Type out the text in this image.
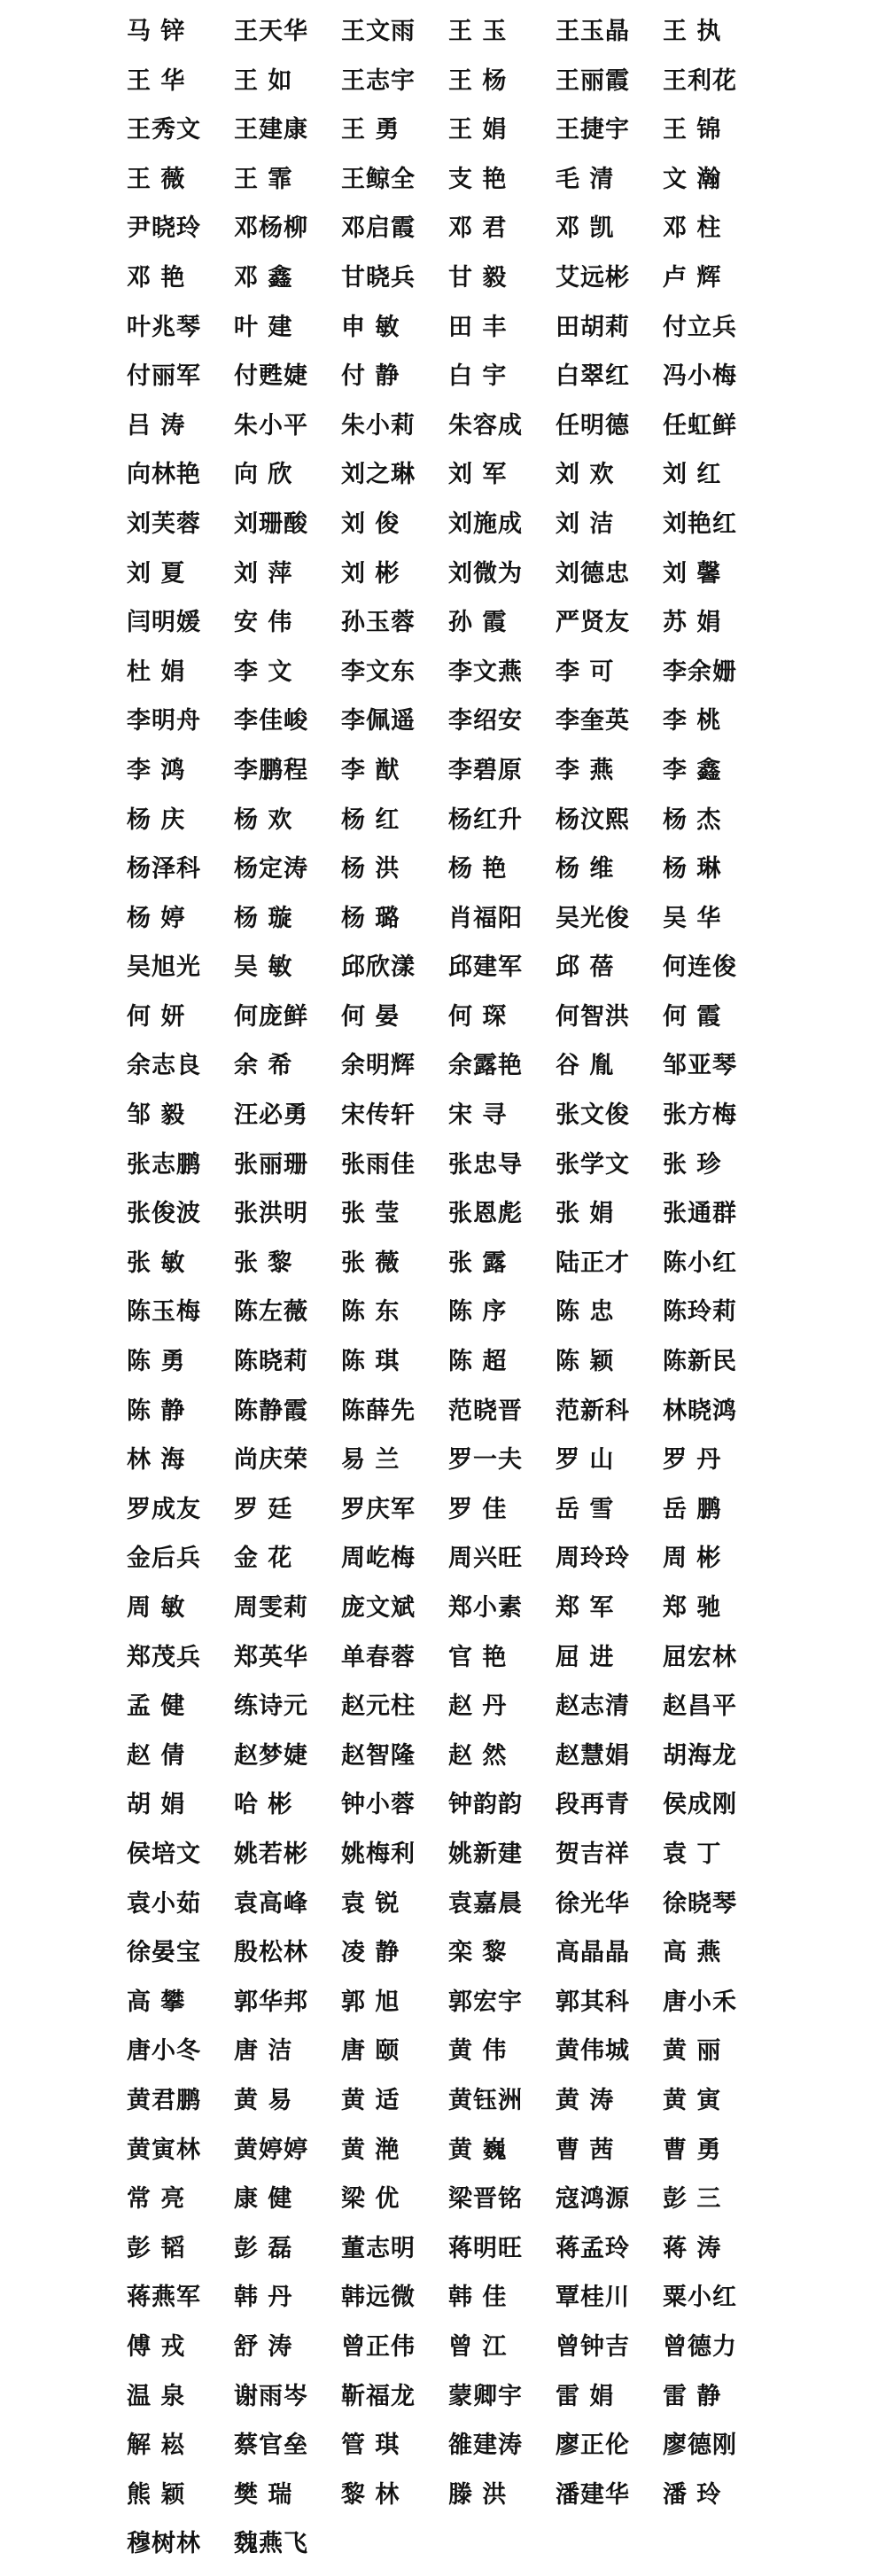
马 锌	王天华	王文雨	王 玉	王玉晶	王 执
王 华	王 如	王志宇	王 杨	王丽霞	王利花
王秀文	王建康	王 勇	王 娟	王捷宇	王 锦
王 薇	王 霏	王鲸全	支 艳	毛 清	文 瀚
尹晓玲	邓杨柳	邓启霞	邓 君	邓 凯	邓 柱
邓 艳	邓 鑫	甘晓兵	甘 毅	艾远彬	卢 辉
叶兆琴	叶 建	申 敏	田 丰	田胡莉	付立兵
付丽军	付甦婕	付 静	白 宇	白翠红	冯小梅
吕 涛	朱小平	朱小莉	朱容成	任明德	任虹鲜
向林艳	向 欣	刘之琳	刘 军	刘 欢	刘 红
刘芙蓉	刘珊酸	刘 俊	刘施成	刘 洁	刘艳红
刘 夏	刘 萍	刘 彬	刘微为	刘德忠	刘 馨
闫明媛	安 伟	孙玉蓉	孙 霞	严贤友	苏 娟
杜 娟	李 文	李文东	李文燕	李 可	李余姗
李明舟	李佳峻	李佩遥	李绍安	李奎英	李 桃
李 鸿	李鹏程	李 猷	李碧原	李 燕	李 鑫
杨 庆	杨 欢	杨 红	杨红升	杨汶熙	杨 杰
杨泽科	杨定涛	杨 洪	杨 艳	杨 维	杨 琳
杨 婷	杨 璇	杨 璐	肖福阳	吴光俊	吴 华
吴旭光	吴 敏	邱欣漾	邱建军	邱 蓓	何连俊
何 妍	何庞鲜	何 晏	何 琛	何智洪	何 霞
余志良	余 希	余明辉	余露艳	谷 胤	邹亚琴
邹 毅	汪必勇	宋传轩	宋 寻	张文俊	张方梅
张志鹏	张丽珊	张雨佳	张忠导	张学文	张 珍
张俊波	张洪明	张 莹	张恩彪	张 娟	张通群
张 敏	张 黎	张 薇	张 露	陆正才	陈小红
陈玉梅	陈左薇	陈 东	陈 序	陈 忠	陈玲莉
陈 勇	陈晓莉	陈 琪	陈 超	陈 颖	陈新民
陈 静	陈静霞	陈薛先	范晓晋	范新科	林晓鸿
林 海	尚庆荣	易 兰	罗一夫	罗 山	罗 丹
罗成友	罗 廷	罗庆军	罗 佳	岳 雪	岳 鹏
金后兵	金 花	周屹梅	周兴旺	周玲玲	周 彬
周 敏	周雯莉	庞文斌	郑小素	郑 军	郑 驰
郑茂兵	郑英华	单春蓉	官 艳	屈 进	屈宏林
孟 健	练诗元	赵元柱	赵 丹	赵志清	赵昌平
赵 倩	赵梦婕	赵智隆	赵 然	赵慧娟	胡海龙
胡 娟	哈 彬	钟小蓉	钟韵韵	段再青	侯成刚
侯培文	姚若彬	姚梅利	姚新建	贺吉祥	袁 丁
袁小茹	袁高峰	袁 锐	袁嘉晨	徐光华	徐晓琴
徐晏宝	殷松林	凌 静	栾 黎	高晶晶	高 燕
高 攀	郭华邦	郭 旭	郭宏宇	郭其科	唐小禾
唐小冬	唐 洁	唐 颐	黄 伟	黄伟城	黄 丽
黄君鹏	黄 易	黄 适	黄钰洲	黄 涛	黄 寅
黄寅林	黄婷婷	黄 滟	黄 巍	曹 茜	曹 勇
常 亮	康 健	梁 优	梁晋铭	寇鸿源	彭 三
彭 韬	彭 磊	董志明	蒋明旺	蒋孟玲	蒋 涛
蒋燕军	韩 丹	韩远微	韩 佳	覃桂川	粟小红
傅 戎	舒 涛	曾正伟	曾 江	曾钟吉	曾德力
温 泉	谢雨岑	靳福龙	蒙卿宇	雷 娟	雷 静
解 崧	蔡官垒	管 琪	雒建涛	廖正伦	廖德刚
熊 颖	樊 瑞	黎 林	滕 洪	潘建华	潘 玲
穆树林	魏燕飞
